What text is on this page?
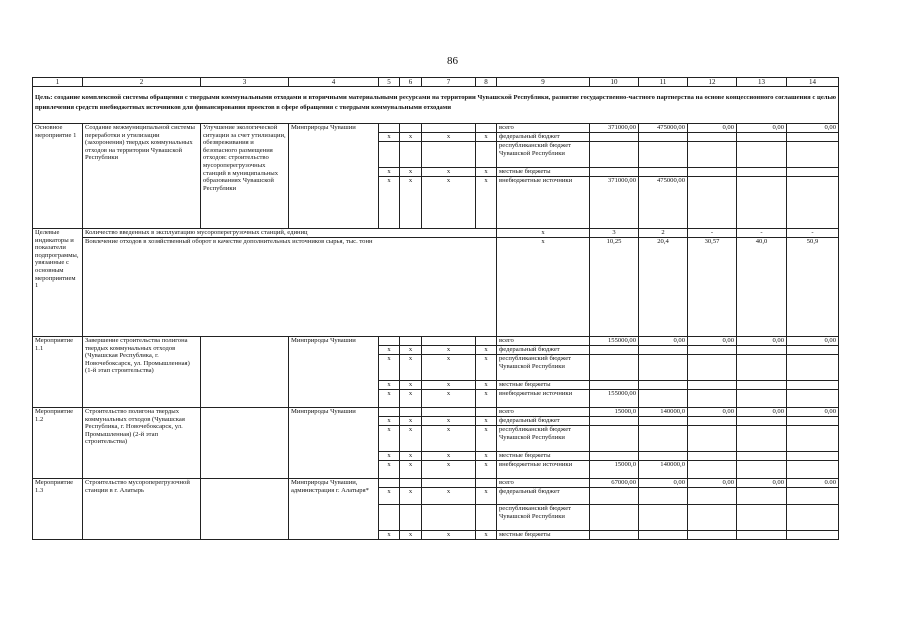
86
1	2	3	4	5	6	7	8	9	10	11	12	13	14
Цель: создание комплексной системы обращения с твердыми коммунальными отходами и вторичными материальными ресурсами на территории Чувашской Республики, развитие государственно-частного партнерства на основе концессионного соглашения с целью привлечения средств внебюджетных источников для финансирования проектов в сфере обращения с твердыми коммунальными отходами													
Основное мероприятие 1	Создание межмуниципальной системы переработки и утилизации (захоронения) твердых коммунальных отходов на территории Чувашской Республики	Улучшение экологической ситуации за счет утилизации, обезвреживания и безопасного размещения отходов: строительство мусороперегрузочных станций в муниципальных образованиях Чувашской Республики	Минприроды Чувашии					всего	371000,00	475000,00	0,00	0,00	0,00
				x	x	x	x	федеральный бюджет					
								республиканский бюджет Чувашской Республики					
				x	x	x	x	местные бюджеты					
				x	x	x	x	внебюджетные источники	371000,00	475000,00			
Целевые индикаторы и показатели подпрограммы, увязанные с основным мероприятием 1	Количество введенных в эксплуатацию мусороперегрузочных станций, единиц							x	3	2	-	-	-
	Вовлечение отходов в хозяйственный оборот в качестве дополнительных источников сырья, тыс. тонн							x	10,25	20,4	30,57	40,0	50,9
Мероприятие 1.1	Завершение строительства полигона твердых коммунальных отходов (Чувашская Республика, г. Новочебоксарск, ул. Промышленная) (1-й этап строительства)		Минприроды Чувашии					всего	155000,00	0,00	0,00	0,00	0,00
				x	x	x	x	федеральный бюджет					
				x	x	x	x	республиканский бюджет Чувашской Республики					
				x	x	x	x	местные бюджеты					
				x	x	x	x	внебюджетные источники	155000,00				
Мероприятие 1.2	Строительство полигона твердых коммунальных отходов (Чувашская Республика, г. Новочебоксарск, ул. Промышленная) (2-й этап строительства)		Минприроды Чувашии					всего	15000,0	140000,0	0,00	0,00	0,00
				x	x	x	x	федеральный бюджет					
				x	x	x	x	республиканский бюджет Чувашской Республики					
				x	x	x	x	местные бюджеты					
				x	x	x	x	внебюджетные источники	15000,0	140000,0			
Мероприятие 1.3	Строительство мусороперегрузочной станции в г. Алатырь		Минприроды Чувашии, администрация г. Алатыря*					всего	67000,00	0,00	0,00	0,00	0.00
				x	x	x	x	федеральный бюджет					
								республиканский бюджет Чувашской Республики					
				x	x	x	x	местные бюджеты					
